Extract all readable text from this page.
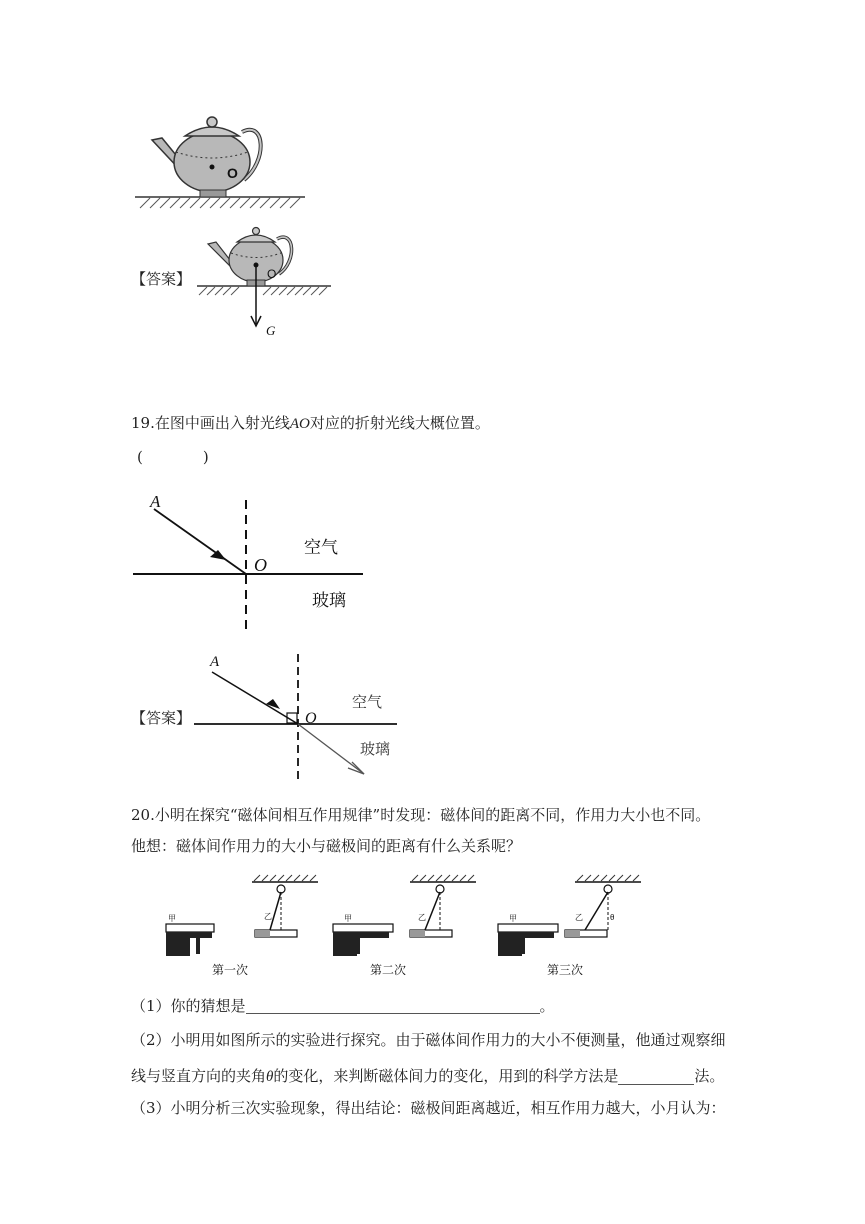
O
【答案】	O
G
19.在图中画出入射光线AO对应的折射光线大概位置。
(　　　　)
A
O
空气
玻璃
【答案】
A
O
空气
玻璃
20.小明在探究“磁体间相互作用规律”时发现：磁体间的距离不同，作用力大小也不同。
他想：磁体间作用力的大小与磁极间的距离有什么关系呢？
乙
甲
第一次
乙
甲
第二次
θ
乙
甲
第三次
（1）你的猜想是	。
（2）小明用如图所示的实验进行探究。由于磁体间作用力的大小不便测量，他通过观察细
线与竖直方向的夹角θ的变化，来判断磁体间力的变化，用到的科学方法是	法。
（3）小明分析三次实验现象，得出结论：磁极间距离越近，相互作用力越大，小月认为：
